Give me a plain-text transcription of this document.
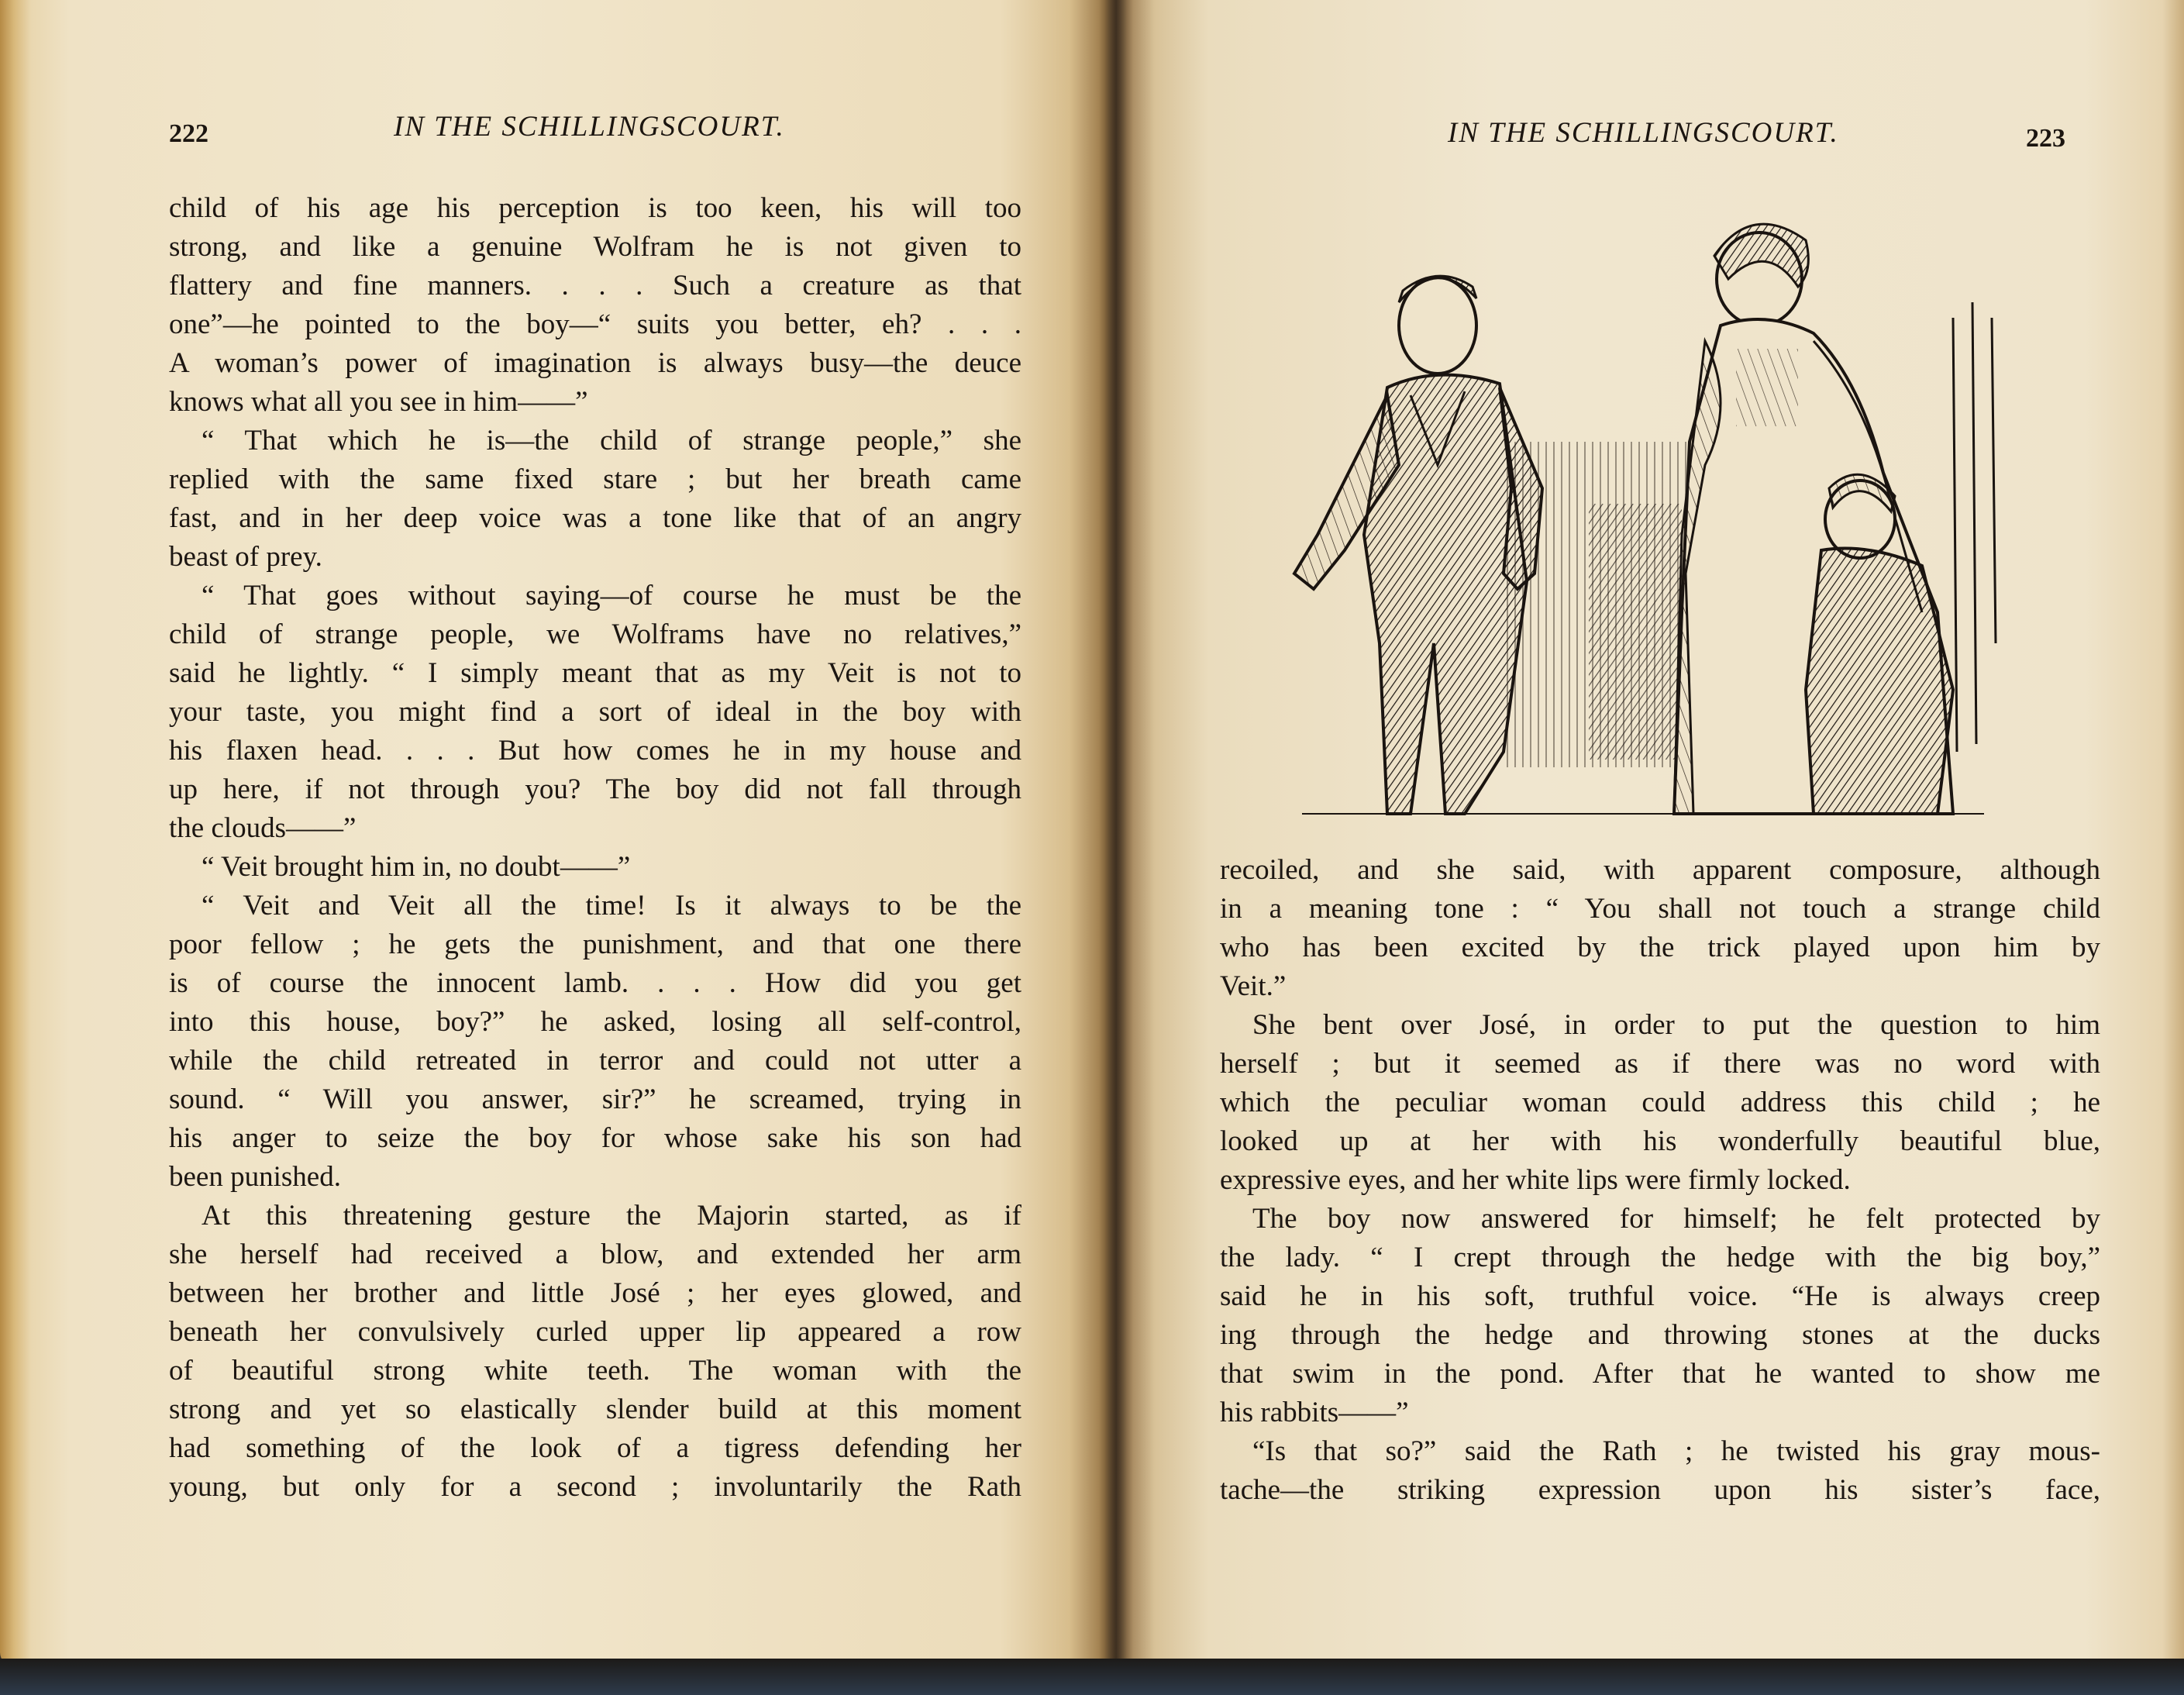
222	IN THE SCHILLINGSCOURT.
child of his age his perception is too keen, his will too
strong, and like a genuine Wolfram he is not given to
flattery and fine manners. . . . Such a creature as that
one”—he pointed to the boy—“ suits you better, eh? . . .
A woman’s power of imagination is always busy—the deuce
knows what all you see in him——”
“ That which he is—the child of strange people,” she
replied with the same fixed stare ; but her breath came
fast, and in her deep voice was a tone like that of an angry
beast of prey.
“ That goes without saying—of course he must be the
child of strange people, we Wolframs have no relatives,”
said he lightly. “ I simply meant that as my Veit is not to
your taste, you might find a sort of ideal in the boy with
his flaxen head. . . . But how comes he in my house and
up here, if not through you? The boy did not fall through
the clouds——”
“ Veit brought him in, no doubt——”
“ Veit and Veit all the time! Is it always to be the
poor fellow ; he gets the punishment, and that one there
is of course the innocent lamb. . . . How did you get
into this house, boy?” he asked, losing all self-control,
while the child retreated in terror and could not utter a
sound. “ Will you answer, sir?” he screamed, trying in
his anger to seize the boy for whose sake his son had
been punished.
At this threatening gesture the Majorin started, as if
she herself had received a blow, and extended her arm
between her brother and little José ; her eyes glowed, and
beneath her convulsively curled upper lip appeared a row
of beautiful strong white teeth. The woman with the
strong and yet so elastically slender build at this moment
had something of the look of a tigress defending her
young, but only for a second ; involuntarily the Rath
IN THE SCHILLINGSCOURT.	223
recoiled, and she said, with apparent composure, although
in a meaning tone : “ You shall not touch a strange child
who has been excited by the trick played upon him by
Veit.”
She bent over José, in order to put the question to him
herself ; but it seemed as if there was no word with
which the peculiar woman could address this child ; he
looked up at her with his wonderfully beautiful blue,
expressive eyes, and her white lips were firmly locked.
The boy now answered for himself; he felt protected by
the lady. “ I crept through the hedge with the big boy,”
said he in his soft, truthful voice. “He is always creep
ing through the hedge and throwing stones at the ducks
that swim in the pond. After that he wanted to show me
his rabbits——”
“Is that so?” said the Rath ; he twisted his gray mous-
tache—the striking expression upon his sister’s face,
